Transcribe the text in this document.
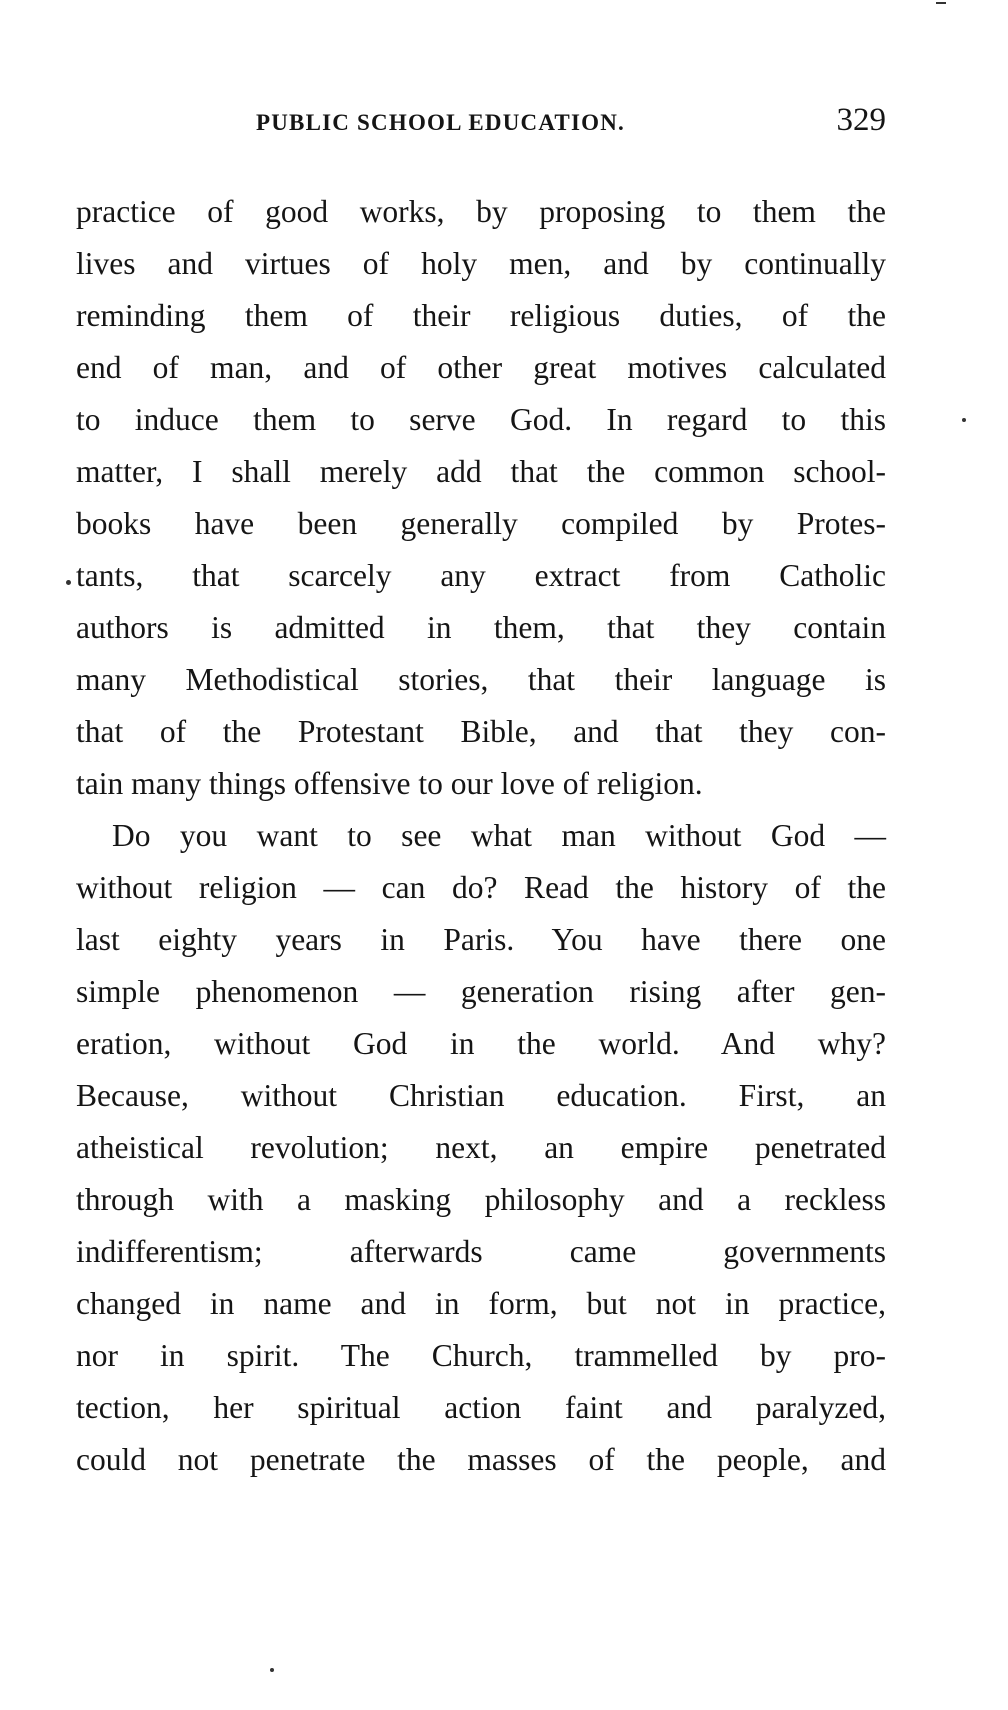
PUBLIC SCHOOL EDUCATION.	329
practice of good works, by proposing to them the
lives and virtues of holy men, and by continually
reminding them of their religious duties, of the
end of man, and of other great motives calculated
to induce them to serve God. In regard to this
matter, I shall merely add that the common school-
books have been generally compiled by Protes-
tants, that scarcely any extract from Catholic
authors is admitted in them, that they contain
many Methodistical stories, that their language is
that of the Protestant Bible, and that they con-
tain many things offensive to our love of religion.
Do you want to see what man without God —
without religion — can do? Read the history of the
last eighty years in Paris. You have there one
simple phenomenon — generation rising after gen-
eration, without God in the world. And why?
Because, without Christian education. First, an
atheistical revolution; next, an empire penetrated
through with a masking philosophy and a reckless
indifferentism; afterwards came governments
changed in name and in form, but not in practice,
nor in spirit. The Church, trammelled by pro-
tection, her spiritual action faint and paralyzed,
could not penetrate the masses of the people, and
